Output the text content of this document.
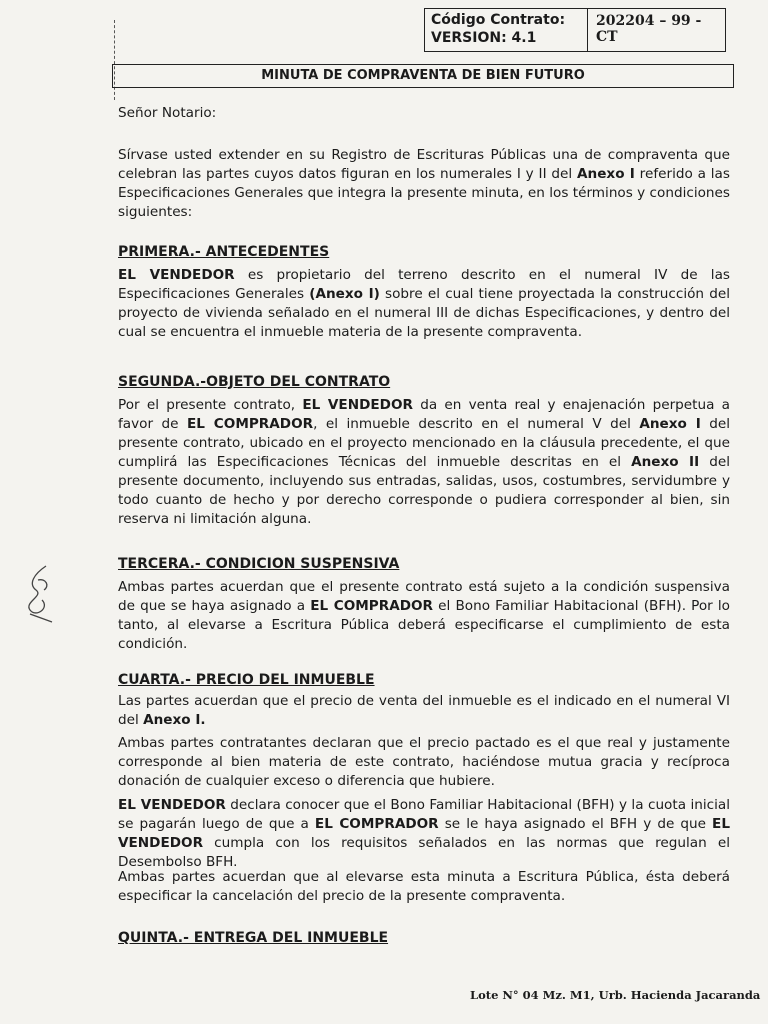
Código Contrato:
VERSION: 4.1
202204 – 99 - CT
MINUTA DE COMPRAVENTA DE BIEN FUTURO

Señor Notario:

Sírvase usted extender en su Registro de Escrituras Públicas una de compraventa que celebran las partes cuyos datos figuran en los numerales I y II del Anexo I referido a las Especificaciones Generales que integra la presente minuta, en los términos y condiciones siguientes:

PRIMERA.- ANTECEDENTES

EL VENDEDOR es propietario del terreno descrito en el numeral IV de las Especificaciones Generales (Anexo I) sobre el cual tiene proyectada la construcción del proyecto de vivienda señalado en el numeral III de dichas Especificaciones, y dentro del cual se encuentra el inmueble materia de la presente compraventa.

SEGUNDA.-OBJETO DEL CONTRATO

Por el presente contrato, EL VENDEDOR da en venta real y enajenación perpetua a favor de EL COMPRADOR, el inmueble descrito en el numeral V del Anexo I del presente contrato, ubicado en el proyecto mencionado en la cláusula precedente, el que cumplirá las Especificaciones Técnicas del inmueble descritas en el Anexo II del presente documento, incluyendo sus entradas, salidas, usos, costumbres, servidumbre y todo cuanto de hecho y por derecho corresponde o pudiera corresponder al bien, sin reserva ni limitación alguna.

TERCERA.- CONDICION SUSPENSIVA

Ambas partes acuerdan que el presente contrato está sujeto a la condición suspensiva de que se haya asignado a EL COMPRADOR el Bono Familiar Habitacional (BFH). Por lo tanto, al elevarse a Escritura Pública deberá especificarse el cumplimiento de esta condición.

CUARTA.- PRECIO DEL INMUEBLE

Las partes acuerdan que el precio de venta del inmueble es el indicado en el numeral VI del Anexo I.

Ambas partes contratantes declaran que el precio pactado es el que real y justamente corresponde al bien materia de este contrato, haciéndose mutua gracia y recíproca donación de cualquier exceso o diferencia que hubiere.

EL VENDEDOR declara conocer que el Bono Familiar Habitacional (BFH) y la cuota inicial se pagarán luego de que a EL COMPRADOR se le haya asignado el BFH y de que EL VENDEDOR cumpla con los requisitos señalados en las normas que regulan el Desembolso BFH.

Ambas partes acuerdan que al elevarse esta minuta a Escritura Pública, ésta deberá especificar la cancelación del precio de la presente compraventa.

QUINTA.- ENTREGA DEL INMUEBLE

Lote N° 04 Mz. M1, Urb. Hacienda Jacaranda
